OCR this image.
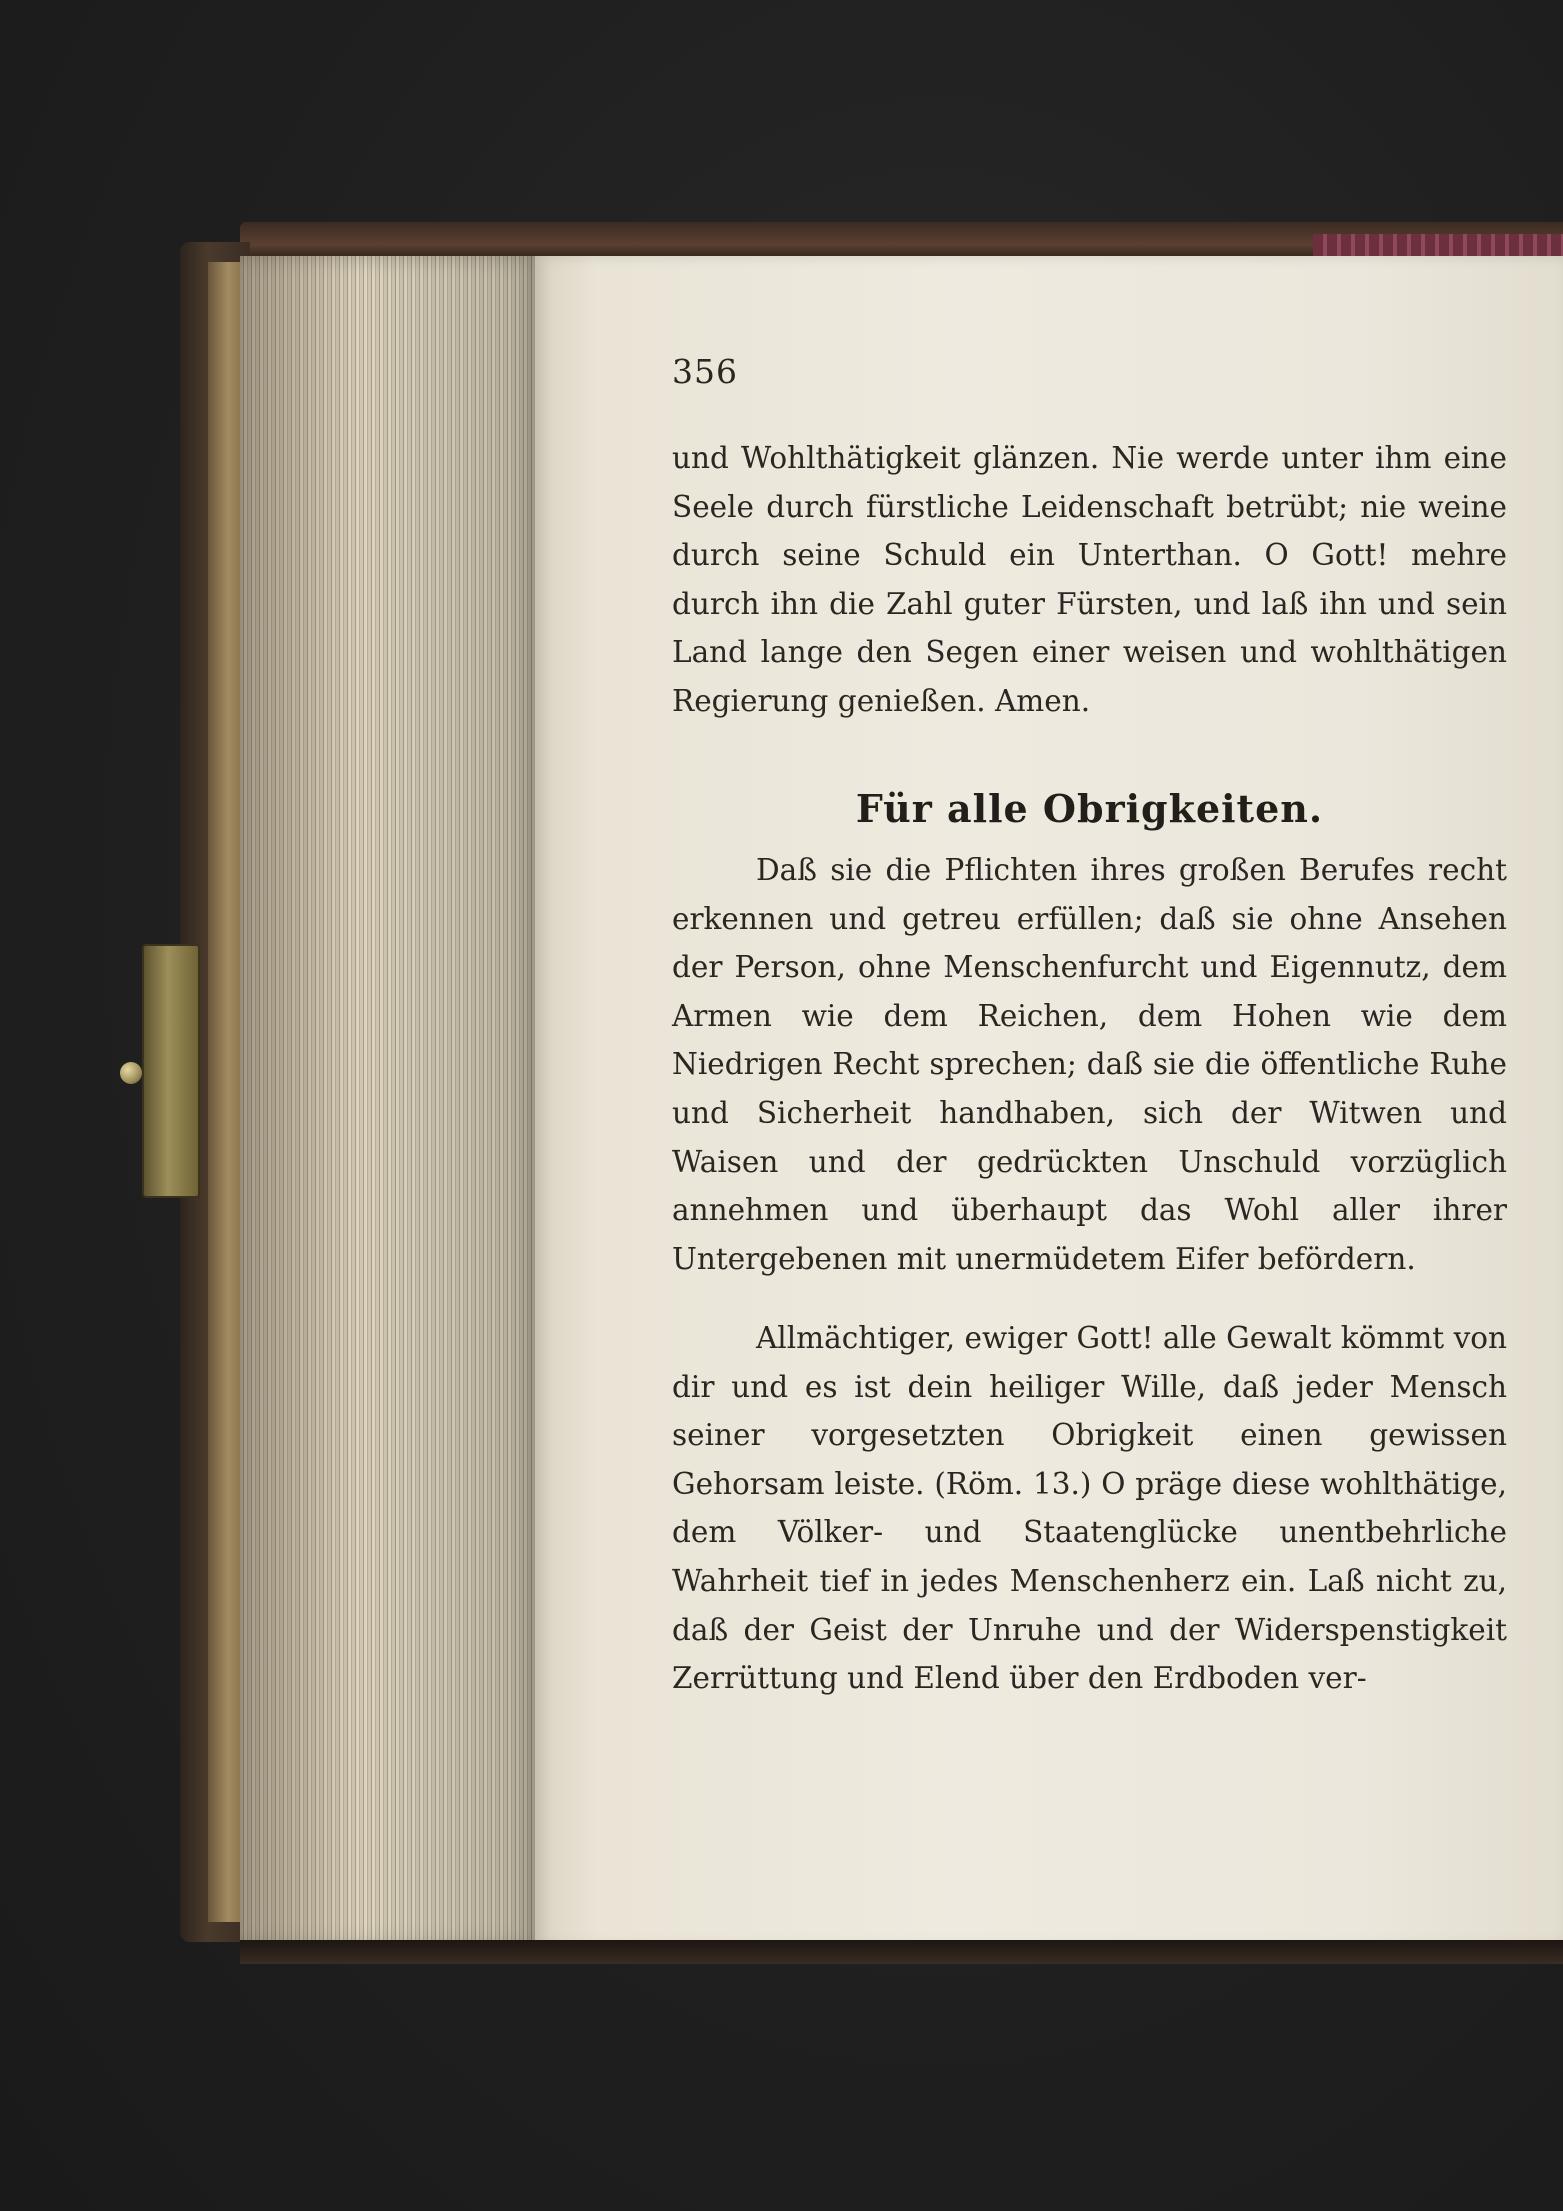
356

und Wohlthätigkeit glänzen. Nie werde unter ihm eine Seele durch fürstliche Leidenschaft betrübt; nie weine durch seine Schuld ein Unterthan. O Gott! mehre durch ihn die Zahl guter Fürsten, und laß ihn und sein Land lange den Segen einer weisen und wohlthätigen Regierung genießen. Amen.

Für alle Obrigkeiten.

Daß sie die Pflichten ihres großen Berufes recht erkennen und getreu erfüllen; daß sie ohne Ansehen der Person, ohne Menschenfurcht und Eigennutz, dem Armen wie dem Reichen, dem Hohen wie dem Niedrigen Recht sprechen; daß sie die öffentliche Ruhe und Sicherheit handhaben, sich der Witwen und Waisen und der gedrückten Unschuld vorzüglich annehmen und überhaupt das Wohl aller ihrer Untergebenen mit unermüdetem Eifer befördern.

Allmächtiger, ewiger Gott! alle Gewalt kömmt von dir und es ist dein heiliger Wille, daß jeder Mensch seiner vorgesetzten Obrigkeit einen gewissen Gehorsam leiste. (Röm. 13.) O präge diese wohlthätige, dem Völker- und Staatenglücke unentbehrliche Wahrheit tief in jedes Menschenherz ein. Laß nicht zu, daß der Geist der Unruhe und der Widerspenstigkeit Zerrüttung und Elend über den Erdboden ver-
